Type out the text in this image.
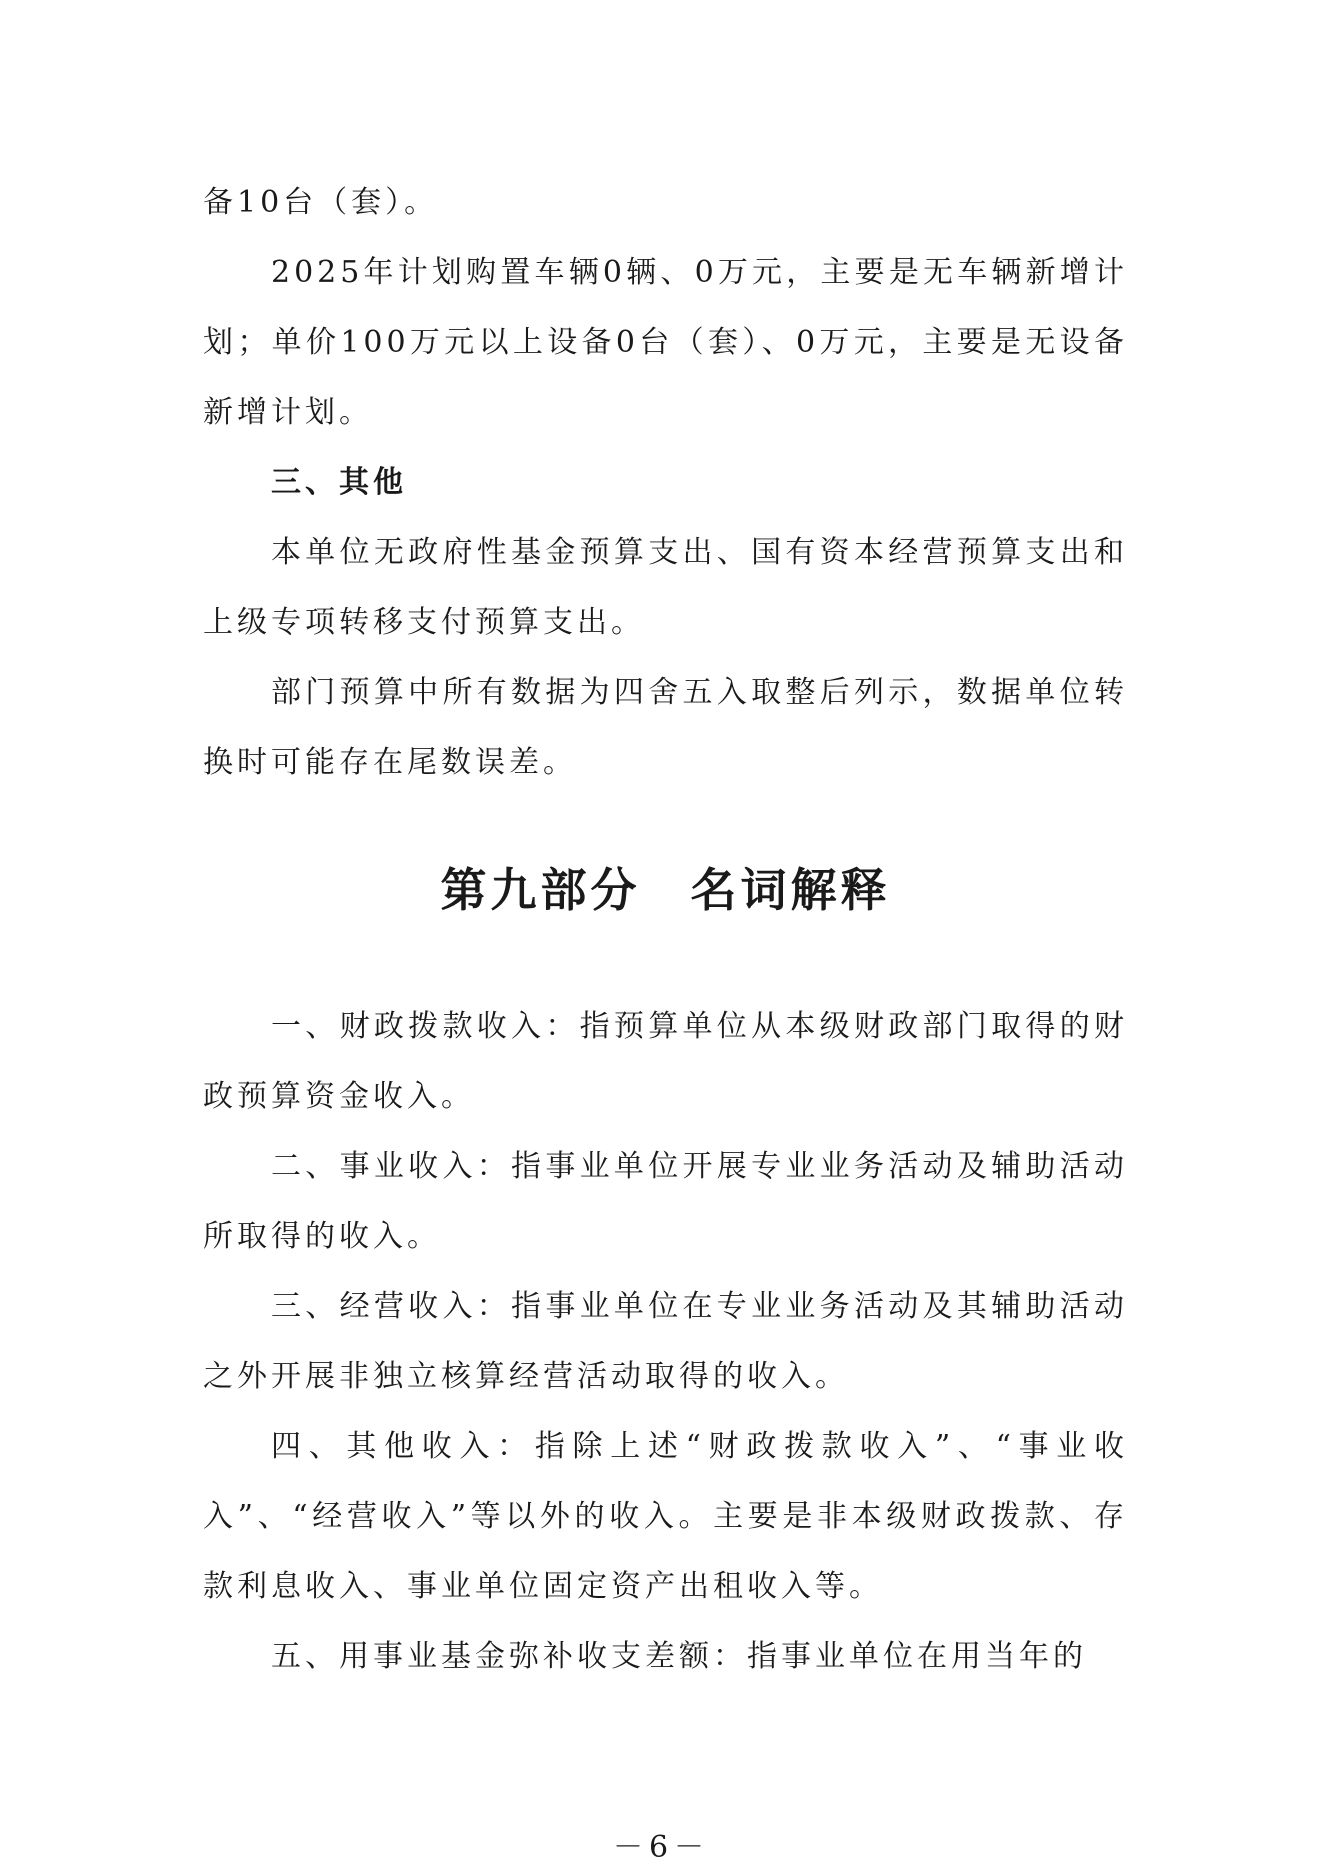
备10台（套）。

2025年计划购置车辆0辆、0万元，主要是无车辆新增计划；单价100万元以上设备0台（套）、0万元，主要是无设备新增计划。

三、其他

本单位无政府性基金预算支出、国有资本经营预算支出和上级专项转移支付预算支出。

部门预算中所有数据为四舍五入取整后列示，数据单位转换时可能存在尾数误差。

第九部分　名词解释

一、财政拨款收入：指预算单位从本级财政部门取得的财政预算资金收入。

二、事业收入：指事业单位开展专业业务活动及辅助活动所取得的收入。

三、经营收入：指事业单位在专业业务活动及其辅助活动之外开展非独立核算经营活动取得的收入。

四、其他收入：指除上述“财政拨款收入”、“事业收入”、“经营收入”等以外的收入。主要是非本级财政拨款、存款利息收入、事业单位固定资产出租收入等。

五、用事业基金弥补收支差额：指事业单位在用当年的

－6－
